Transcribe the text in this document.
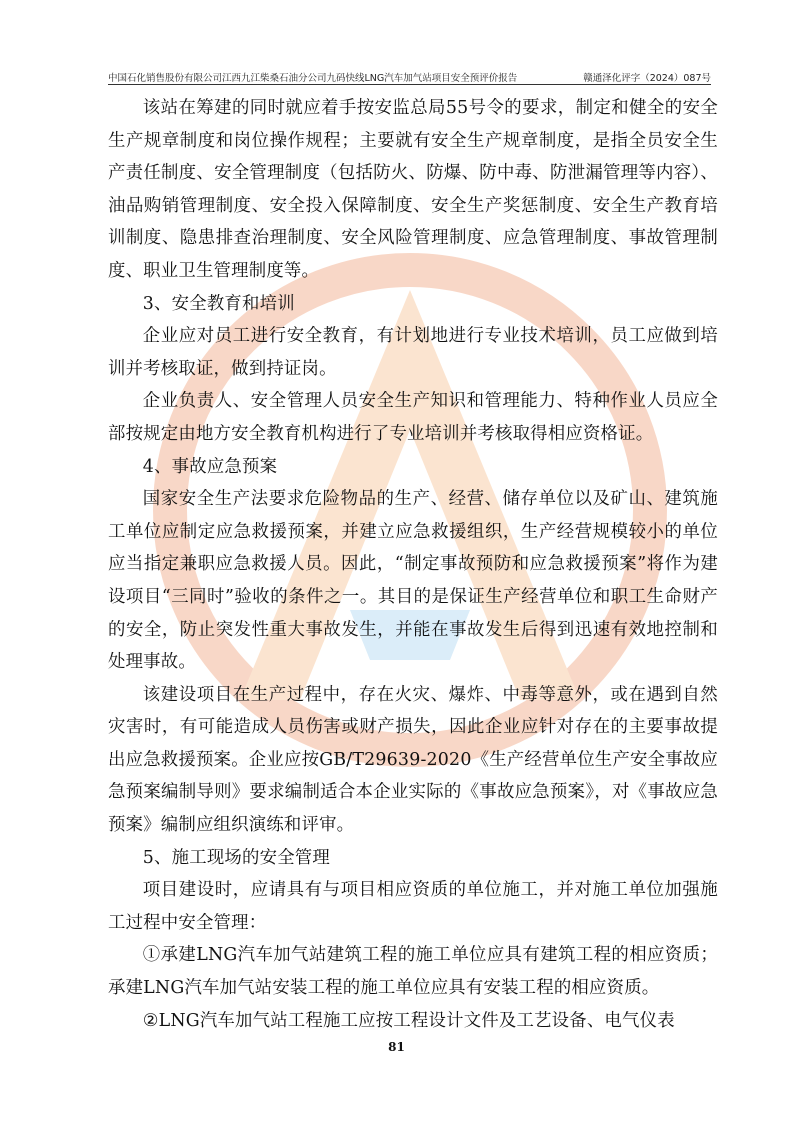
中国石化销售股份有限公司江西九江柴桑石油分公司九码快线LNG汽车加气站项目安全预评价报告	赣通泽化评字（2024）087号

该站在筹建的同时就应着手按安监总局55号令的要求，制定和健全的安全生产规章制度和岗位操作规程；主要就有安全生产规章制度，是指全员安全生产责任制度、安全管理制度（包括防火、防爆、防中毒、防泄漏管理等内容）、油品购销管理制度、安全投入保障制度、安全生产奖惩制度、安全生产教育培训制度、隐患排查治理制度、安全风险管理制度、应急管理制度、事故管理制度、职业卫生管理制度等。

3、安全教育和培训

企业应对员工进行安全教育，有计划地进行专业技术培训，员工应做到培训并考核取证，做到持证岗。

企业负责人、安全管理人员安全生产知识和管理能力、特种作业人员应全部按规定由地方安全教育机构进行了专业培训并考核取得相应资格证。

4、事故应急预案

国家安全生产法要求危险物品的生产、经营、储存单位以及矿山、建筑施工单位应制定应急救援预案，并建立应急救援组织，生产经营规模较小的单位应当指定兼职应急救援人员。因此，“制定事故预防和应急救援预案”将作为建设项目“三同时”验收的条件之一。其目的是保证生产经营单位和职工生命财产的安全，防止突发性重大事故发生，并能在事故发生后得到迅速有效地控制和处理事故。

该建设项目在生产过程中，存在火灾、爆炸、中毒等意外，或在遇到自然灾害时，有可能造成人员伤害或财产损失，因此企业应针对存在的主要事故提出应急救援预案。企业应按GB/T29639-2020《生产经营单位生产安全事故应急预案编制导则》要求编制适合本企业实际的《事故应急预案》，对《事故应急预案》编制应组织演练和评审。

5、施工现场的安全管理

项目建设时，应请具有与项目相应资质的单位施工，并对施工单位加强施工过程中安全管理：

①承建LNG汽车加气站建筑工程的施工单位应具有建筑工程的相应资质；承建LNG汽车加气站安装工程的施工单位应具有安装工程的相应资质。

②LNG汽车加气站工程施工应按工程设计文件及工艺设备、电气仪表

81
